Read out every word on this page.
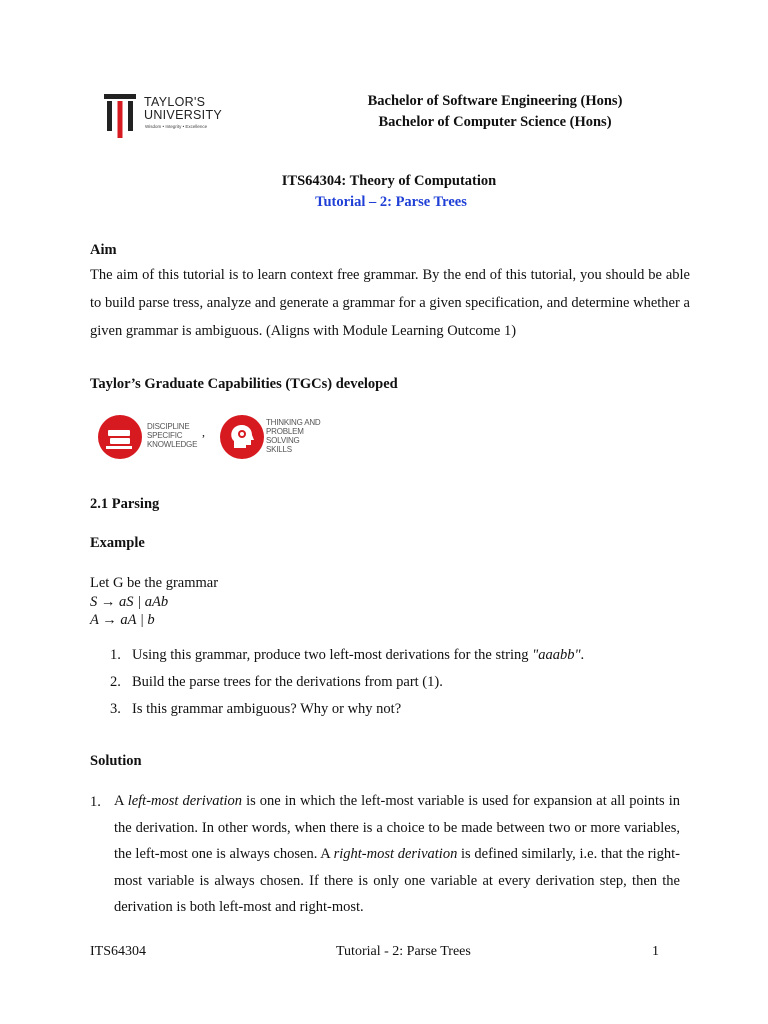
TAYLOR'S
UNIVERSITY
Wisdom • Integrity • Excellence
Bachelor of Software Engineering (Hons)
Bachelor of Computer Science (Hons)
ITS64304: Theory of Computation
Tutorial – 2: Parse Trees
Aim
The aim of this tutorial is to learn context free grammar. By the end of this tutorial, you should be able to build parse tress, analyze and generate a grammar for a given specification, and determine whether a given grammar is ambiguous. (Aligns with Module Learning Outcome 1)
Taylor’s Graduate Capabilities (TGCs) developed
DISCIPLINE
SPECIFIC
KNOWLEDGE
,
THINKING AND
PROBLEM
SOLVING
SKILLS
2.1 Parsing
Example
Let G be the grammar
S → aS | aAb
A → aA | b
1. Using this grammar, produce two left-most derivations for the string "aaabb".
2. Build the parse trees for the derivations from part (1).
3. Is this grammar ambiguous? Why or why not?
Solution
1. A left-most derivation is one in which the left-most variable is used for expansion at all points in the derivation. In other words, when there is a choice to be made between two or more variables, the left-most one is always chosen. A right-most derivation is defined similarly, i.e. that the right-most variable is always chosen. If there is only one variable at every derivation step, then the derivation is both left-most and right-most.
ITS64304	Tutorial - 2: Parse Trees	1
